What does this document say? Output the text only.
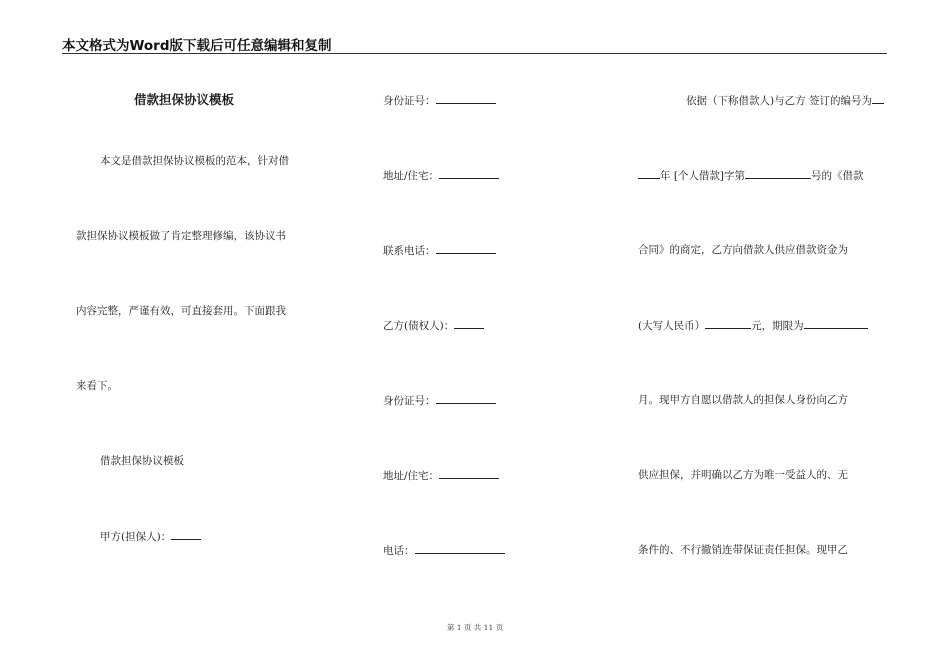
本文格式为Word版下载后可任意编辑和复制
借款担保协议模板
本文是借款担保协议模板的范本，针对借
款担保协议模板做了肯定整理修编，该协议书
内容完整，严谨有效，可直接套用。下面跟我
来看下。
借款担保协议模板
甲方(担保人)：
身份证号：
地址/住宅：
联系电话：
乙方(债权人)：
身份证号：
地址/住宅：
电话：
依据（下称借款人)与乙方 签订的编号为
年 [个人借款]字第	号的《借款
合同》的商定，乙方向借款人供应借款资金为
(大写人民币）	元，期限为
月。现甲方自愿以借款人的担保人身份向乙方
供应担保，并明确以乙方为唯一受益人的、无
条件的、不行撤销连带保证责任担保。现甲乙
第 1 页 共 11 页
